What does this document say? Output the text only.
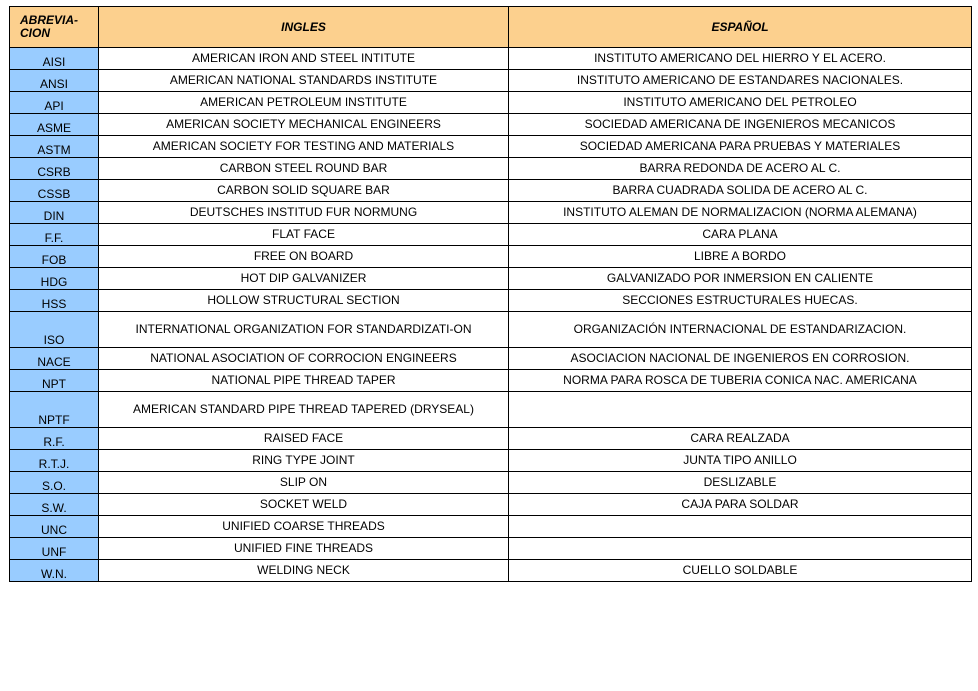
ABREVIA-
CION	INGLES	ESPAÑOL
AISI	AMERICAN IRON AND STEEL INTITUTE	INSTITUTO AMERICANO DEL HIERRO Y EL ACERO.
ANSI	AMERICAN NATIONAL STANDARDS INSTITUTE	INSTITUTO AMERICANO DE ESTANDARES NACIONALES.
API	AMERICAN PETROLEUM INSTITUTE	INSTITUTO AMERICANO DEL PETROLEO
ASME	AMERICAN SOCIETY MECHANICAL ENGINEERS	SOCIEDAD AMERICANA DE INGENIEROS MECANICOS
ASTM	AMERICAN SOCIETY FOR TESTING AND MATERIALS	SOCIEDAD AMERICANA PARA PRUEBAS Y MATERIALES
CSRB	CARBON STEEL ROUND BAR	BARRA REDONDA DE ACERO AL C.
CSSB	CARBON SOLID SQUARE BAR	BARRA CUADRADA SOLIDA DE ACERO AL C.
DIN	DEUTSCHES INSTITUD FUR NORMUNG	INSTITUTO ALEMAN DE NORMALIZACION (NORMA ALEMANA)
F.F.	FLAT FACE	CARA PLANA
FOB	FREE ON BOARD	LIBRE A BORDO
HDG	HOT DIP GALVANIZER	GALVANIZADO POR INMERSION EN CALIENTE
HSS	HOLLOW STRUCTURAL SECTION	SECCIONES ESTRUCTURALES HUECAS.
ISO	INTERNATIONAL ORGANIZATION FOR STANDARDIZATI-ON	ORGANIZACIÓN INTERNACIONAL DE ESTANDARIZACION.
NACE	NATIONAL ASOCIATION OF CORROCION ENGINEERS	ASOCIACION NACIONAL DE INGENIEROS EN CORROSION.
NPT	NATIONAL PIPE THREAD TAPER	NORMA PARA ROSCA DE TUBERIA CONICA NAC. AMERICANA
NPTF	AMERICAN STANDARD PIPE THREAD TAPERED (DRYSEAL)	
R.F.	RAISED FACE	CARA REALZADA
R.T.J.	RING TYPE JOINT	JUNTA TIPO ANILLO
S.O.	SLIP ON	DESLIZABLE
S.W.	SOCKET WELD	CAJA PARA SOLDAR
UNC	UNIFIED COARSE THREADS	
UNF	UNIFIED FINE THREADS	
W.N.	WELDING NECK	CUELLO SOLDABLE
